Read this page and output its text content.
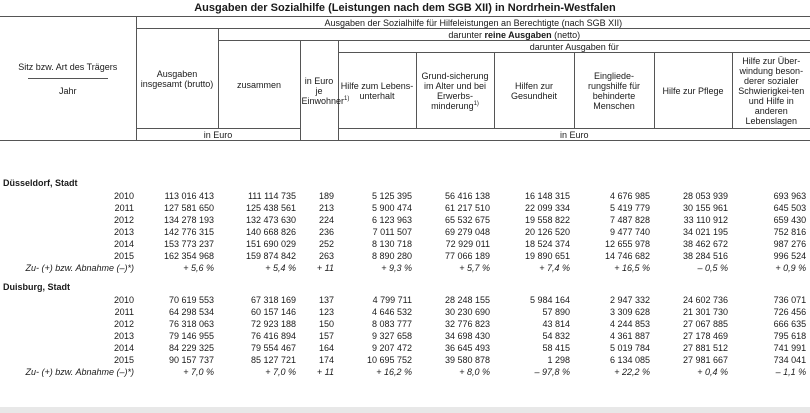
Ausgaben der Sozialhilfe (Leistungen nach dem SGB XII) in Nordrhein-Westfalen
Sitz bzw. Art des Trägers
Jahr	Ausgaben der Sozialhilfe für Hilfeleistungen an Berechtigte (nach SGB XII)								
	Ausgaben insgesamt (brutto)	darunter reine Ausgaben (netto)							
		zusammen	in Euro je Einwohner$^{1)}$	darunter Ausgaben für					
				Hilfe zum Lebens-unterhalt	Grund-sicherung im Alter und bei Erwerbs-minderung$^{1)}$	Hilfen zur Gesundheit	Eingliede-rungshilfe für behinderte Menschen	Hilfe zur Pflege	Hilfe zur Über-windung beson-derer sozialer Schwierigkei-ten und Hilfe in anderen Lebenslagen
	in Euro			in Euro					
Düsseldorf, Stadt									
2010	113 016 413	111 114 735	189	5 125 395	56 416 138	16 148 315	4 676 985	28 053 939	693 963
2011	127 581 650	125 438 561	213	5 900 474	61 217 510	22 099 334	5 419 779	30 155 961	645 503
2012	134 278 193	132 473 630	224	6 123 963	65 532 675	19 558 822	7 487 828	33 110 912	659 430
2013	142 776 315	140 668 826	236	7 011 507	69 279 048	20 126 520	9 477 740	34 021 195	752 816
2014	153 773 237	151 690 029	252	8 130 718	72 929 011	18 524 374	12 655 978	38 462 672	987 276
2015	162 354 968	159 874 842	263	8 890 280	77 066 189	19 890 651	14 746 682	38 284 516	996 524
Zu- (+) bzw. Abnahme (–)*)	+ 5,6 %	+ 5,4 %	+ 11	+ 9,3 %	+ 5,7 %	+ 7,4 %	+ 16,5 %	– 0,5 %	+ 0,9 %

Duisburg, Stadt									
2010	70 619 553	67 318 169	137	4 799 711	28 248 155	5 984 164	2 947 332	24 602 736	736 071
2011	64 298 534	60 157 146	123	4 646 532	30 230 690	57 890	3 309 628	21 301 730	726 456
2012	76 318 063	72 923 188	150	8 083 777	32 776 823	43 814	4 244 853	27 067 885	666 635
2013	79 146 955	76 416 894	157	9 327 658	34 698 430	54 832	4 361 887	27 178 469	795 618
2014	84 229 325	79 554 467	164	9 207 472	36 645 493	58 415	5 019 784	27 881 512	741 991
2015	90 157 737	85 127 721	174	10 695 752	39 580 878	1 298	6 134 085	27 981 667	734 041
Zu- (+) bzw. Abnahme (–)*)	+ 7,0 %	+ 7,0 %	+ 11	+ 16,2 %	+ 8,0 %	– 97,8 %	+ 22,2 %	+ 0,4 %	– 1,1 %
